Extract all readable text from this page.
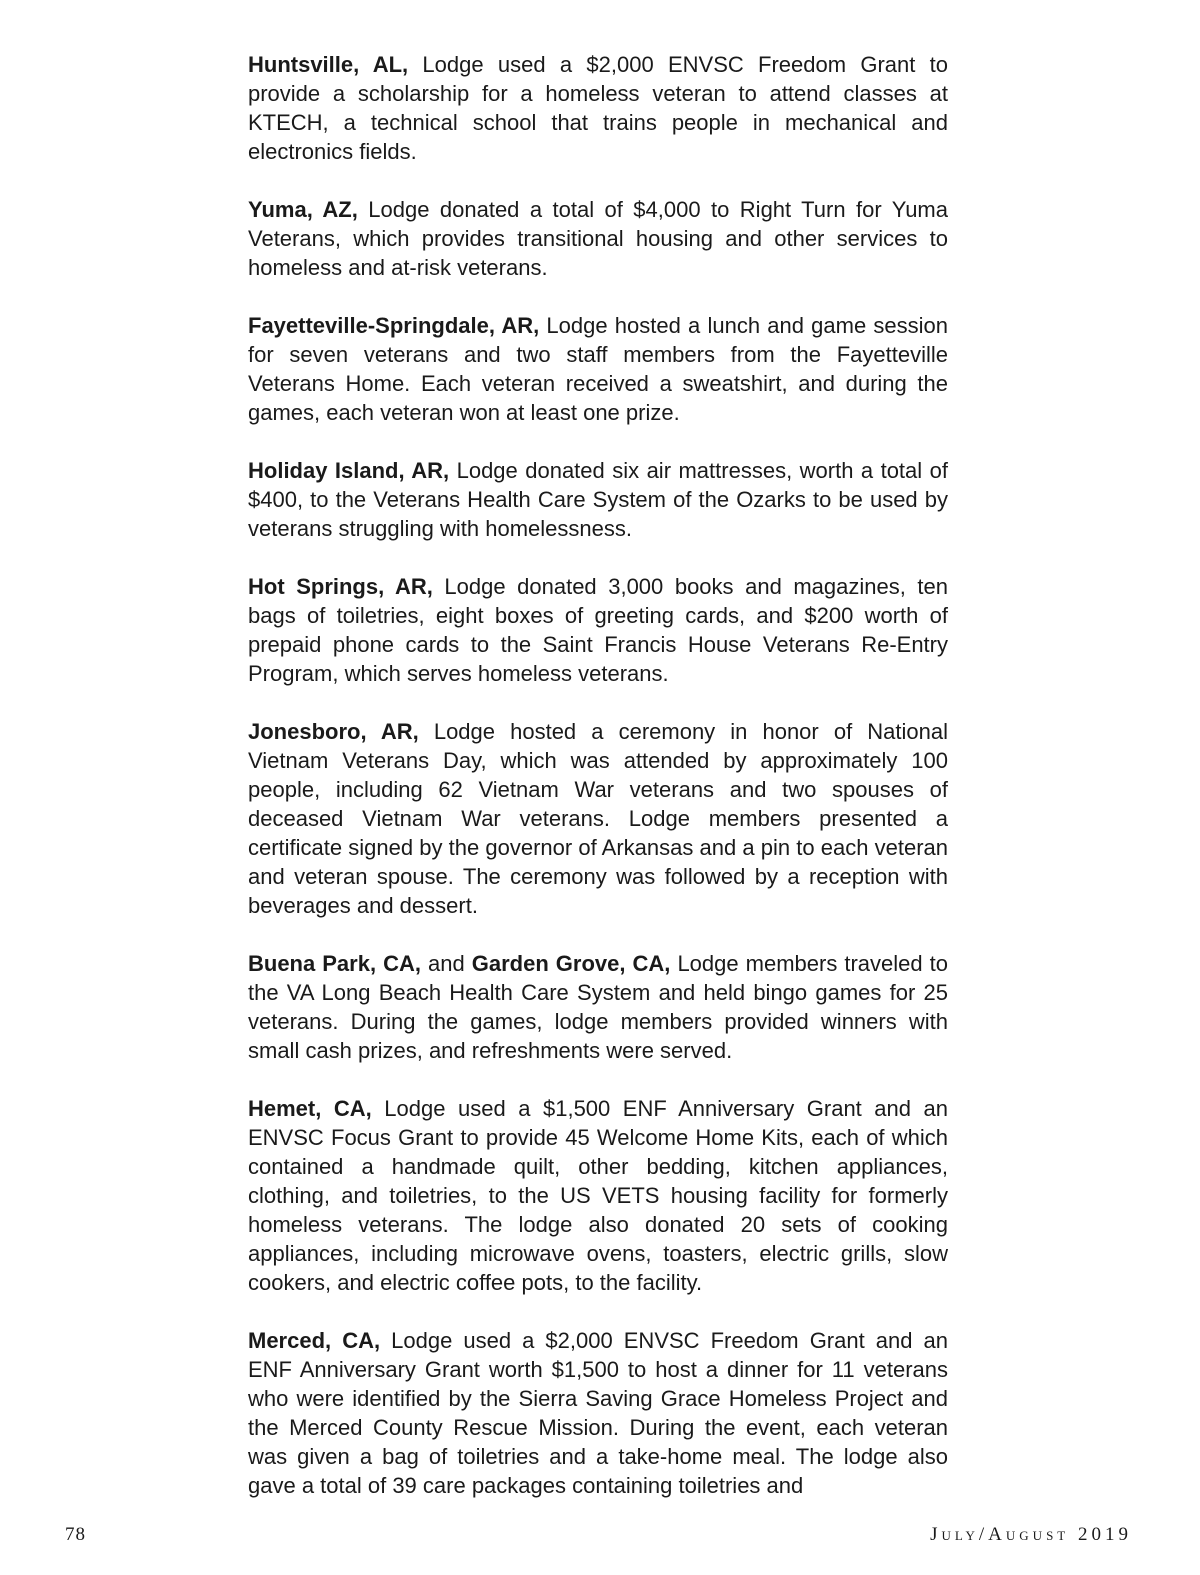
Huntsville, AL, Lodge used a $2,000 ENVSC Freedom Grant to provide a scholarship for a homeless veteran to attend classes at KTECH, a technical school that trains people in mechanical and electronics fields.

Yuma, AZ, Lodge donated a total of $4,000 to Right Turn for Yuma Veterans, which provides transitional housing and other services to homeless and at-risk veterans.

Fayetteville-Springdale, AR, Lodge hosted a lunch and game session for seven veterans and two staff members from the Fayetteville Veterans Home. Each veteran received a sweatshirt, and during the games, each veteran won at least one prize.

Holiday Island, AR, Lodge donated six air mattresses, worth a total of $400, to the Veterans Health Care System of the Ozarks to be used by veterans struggling with homelessness.

Hot Springs, AR, Lodge donated 3,000 books and magazines, ten bags of toiletries, eight boxes of greeting cards, and $200 worth of prepaid phone cards to the Saint Francis House Veterans Re-Entry Program, which serves homeless veterans.

Jonesboro, AR, Lodge hosted a ceremony in honor of National Vietnam Veterans Day, which was attended by approximately 100 people, including 62 Vietnam War veterans and two spouses of deceased Vietnam War veterans. Lodge members presented a certificate signed by the governor of Arkansas and a pin to each veteran and veteran spouse. The ceremony was followed by a reception with beverages and dessert.

Buena Park, CA, and Garden Grove, CA, Lodge members traveled to the VA Long Beach Health Care System and held bingo games for 25 veterans. During the games, lodge members provided winners with small cash prizes, and refreshments were served.

Hemet, CA, Lodge used a $1,500 ENF Anniversary Grant and an ENVSC Focus Grant to provide 45 Welcome Home Kits, each of which contained a handmade quilt, other bedding, kitchen appliances, clothing, and toiletries, to the US VETS housing facility for formerly homeless veterans. The lodge also donated 20 sets of cooking appliances, including microwave ovens, toasters, electric grills, slow cookers, and electric coffee pots, to the facility.

Merced, CA, Lodge used a $2,000 ENVSC Freedom Grant and an ENF Anniversary Grant worth $1,500 to host a dinner for 11 veterans who were identified by the Sierra Saving Grace Homeless Project and the Merced County Rescue Mission. During the event, each veteran was given a bag of toiletries and a take-home meal. The lodge also gave a total of 39 care packages containing toiletries and

78	July/August 2019
